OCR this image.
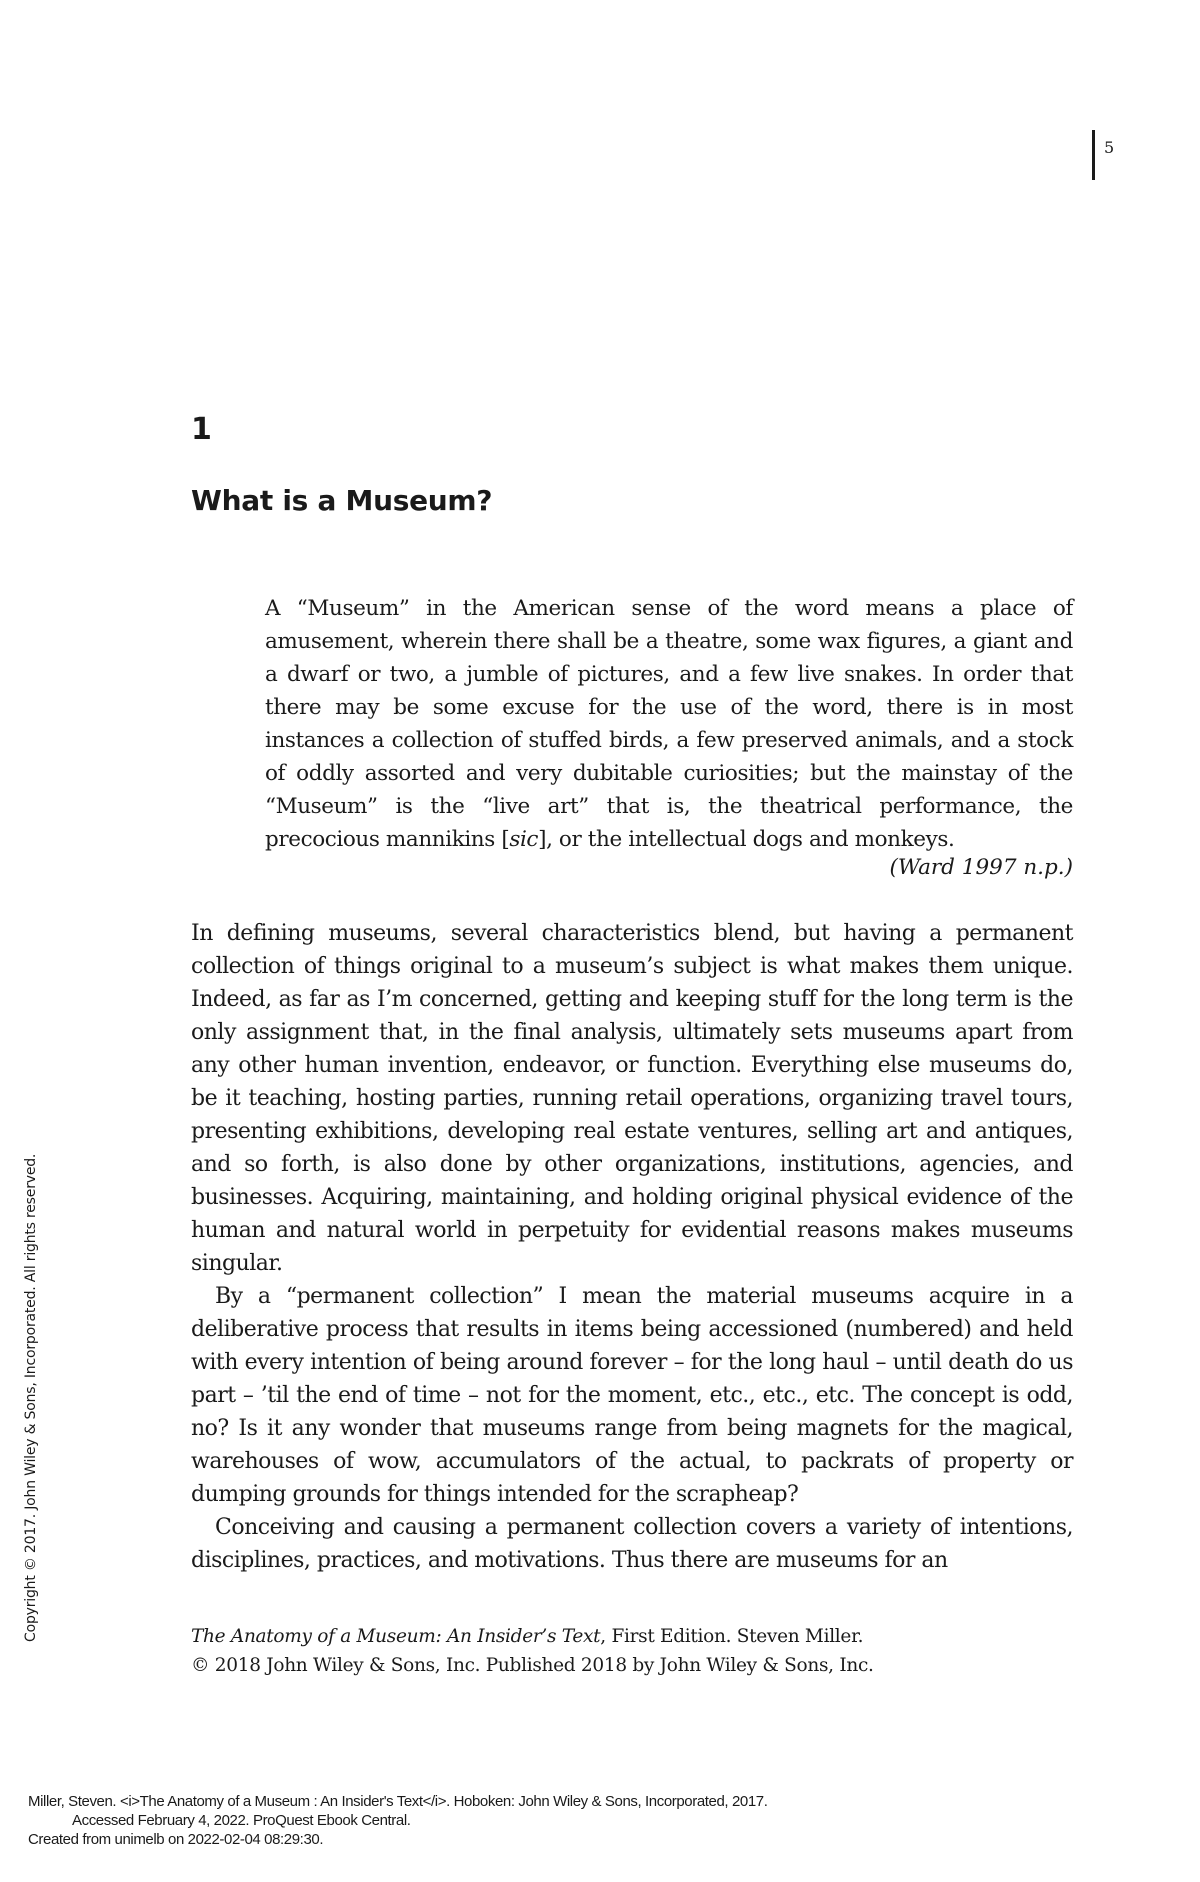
5
1
What is a Museum?
A “Museum” in the American sense of the word means a place of amusement, wherein there shall be a theatre, some wax figures, a giant and a dwarf or two, a jumble of pictures, and a few live snakes. In order that there may be some excuse for the use of the word, there is in most instances a collection of stuffed birds, a few preserved animals, and a stock of oddly assorted and very dubitable curiosities; but the mainstay of the “Museum” is the “live art” that is, the theatrical performance, the precocious mannikins [sic], or the intellectual dogs and monkeys.
(Ward 1997 n.p.)

In defining museums, several characteristics blend, but having a permanent collection of things original to a museum’s subject is what makes them unique. Indeed, as far as I’m concerned, getting and keeping stuff for the long term is the only assignment that, in the final analysis, ultimately sets museums apart from any other human invention, endeavor, or function. Everything else museums do, be it teaching, hosting parties, running retail operations, organizing travel tours, presenting exhibitions, developing real estate ventures, selling art and antiques, and so forth, is also done by other organizations, institutions, agencies, and businesses. Acquiring, maintaining, and holding original physical evidence of the human and natural world in perpetuity for evidential reasons makes museums singular.

By a “permanent collection” I mean the material museums acquire in a deliberative process that results in items being accessioned (numbered) and held with every intention of being around forever – for the long haul – until death do us part – ’til the end of time – not for the moment, etc., etc., etc. The concept is odd, no? Is it any wonder that museums range from being magnets for the magical, warehouses of wow, accumulators of the actual, to packrats of property or dumping grounds for things intended for the scrapheap?

Conceiving and causing a permanent collection covers a variety of intentions, disciplines, practices, and motivations. Thus there are museums for an

The Anatomy of a Museum: An Insider’s Text, First Edition. Steven Miller.
© 2018 John Wiley & Sons, Inc. Published 2018 by John Wiley & Sons, Inc.
Copyright © 2017. John Wiley & Sons, Incorporated. All rights reserved.
Miller, Steven. <i>The Anatomy of a Museum : An Insider's Text</i>. Hoboken: John Wiley & Sons, Incorporated, 2017.
Accessed February 4, 2022. ProQuest Ebook Central.
Created from unimelb on 2022-02-04 08:29:30.
